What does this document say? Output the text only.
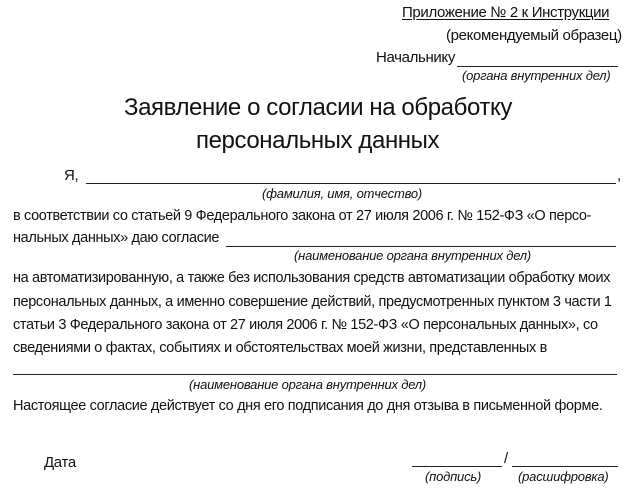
Приложение № 2 к Инструкции
(рекомендуемый образец)
Начальнику
(органа внутренних дел)
Заявление о согласии на обработку
персональных данных
Я,	,
(фамилия, имя, отчество)
в соответствии со статьей 9 Федерального закона от 27 июля 2006 г. № 152-ФЗ «О перcо-
нальных данных» даю согласие
(наименование органа внутренних дел)
на автоматизированную, а также без использования средств автоматизации обработку моих
персональных данных, а именно совершение действий, предусмотренных пунктом 3 части 1
статьи 3 Федерального закона от 27 июля 2006 г. № 152-ФЗ «О персональных данных», со
сведениями о фактах, событиях и обстоятельствах моей жизни, представленных в
(наименование органа внутренних дел)
Настоящее согласие действует со дня его подписания до дня отзыва в письменной форме.
Дата	/
(подпись)	(расшифровка)
